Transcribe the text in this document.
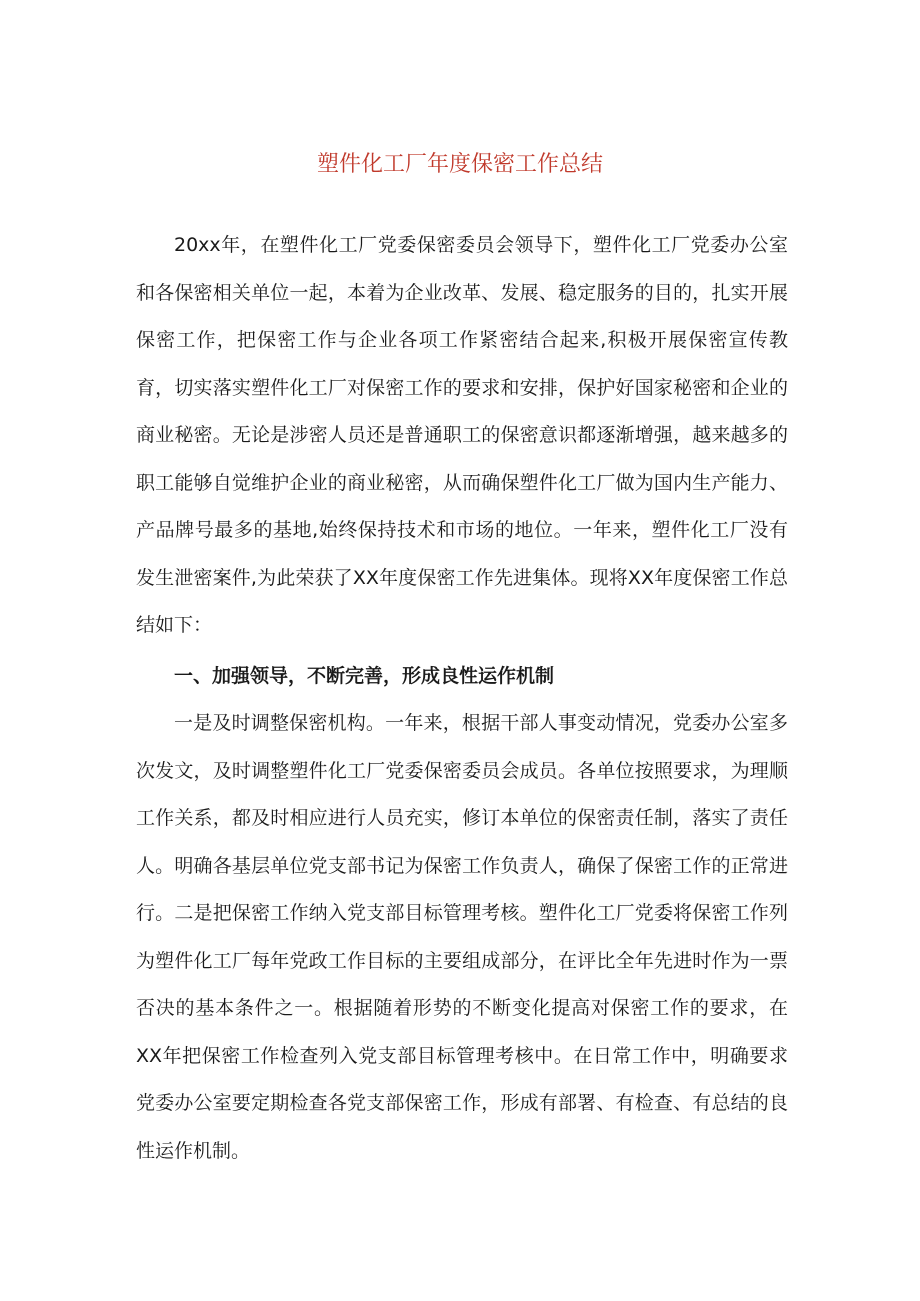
塑件化工厂年度保密工作总结

20xx年，在塑件化工厂党委保密委员会领导下，塑件化工厂党委办公室和各保密相关单位一起，本着为企业改革、发展、稳定服务的目的，扎实开展保密工作，把保密工作与企业各项工作紧密结合起来,积极开展保密宣传教育，切实落实塑件化工厂对保密工作的要求和安排，保护好国家秘密和企业的商业秘密。无论是涉密人员还是普通职工的保密意识都逐渐增强，越来越多的职工能够自觉维护企业的商业秘密，从而确保塑件化工厂做为国内生产能力、产品牌号最多的基地,始终保持技术和市场的地位。一年来，塑件化工厂没有发生泄密案件,为此荣获了XX年度保密工作先进集体。现将XX年度保密工作总结如下：

一、加强领导，不断完善，形成良性运作机制

一是及时调整保密机构。一年来，根据干部人事变动情况，党委办公室多次发文，及时调整塑件化工厂党委保密委员会成员。各单位按照要求，为理顺工作关系，都及时相应进行人员充实，修订本单位的保密责任制，落实了责任人。明确各基层单位党支部书记为保密工作负责人，确保了保密工作的正常进行。二是把保密工作纳入党支部目标管理考核。塑件化工厂党委将保密工作列为塑件化工厂每年党政工作目标的主要组成部分，在评比全年先进时作为一票否决的基本条件之一。根据随着形势的不断变化提高对保密工作的要求，在XX年把保密工作检查列入党支部目标管理考核中。在日常工作中，明确要求党委办公室要定期检查各党支部保密工作，形成有部署、有检查、有总结的良性运作机制。
